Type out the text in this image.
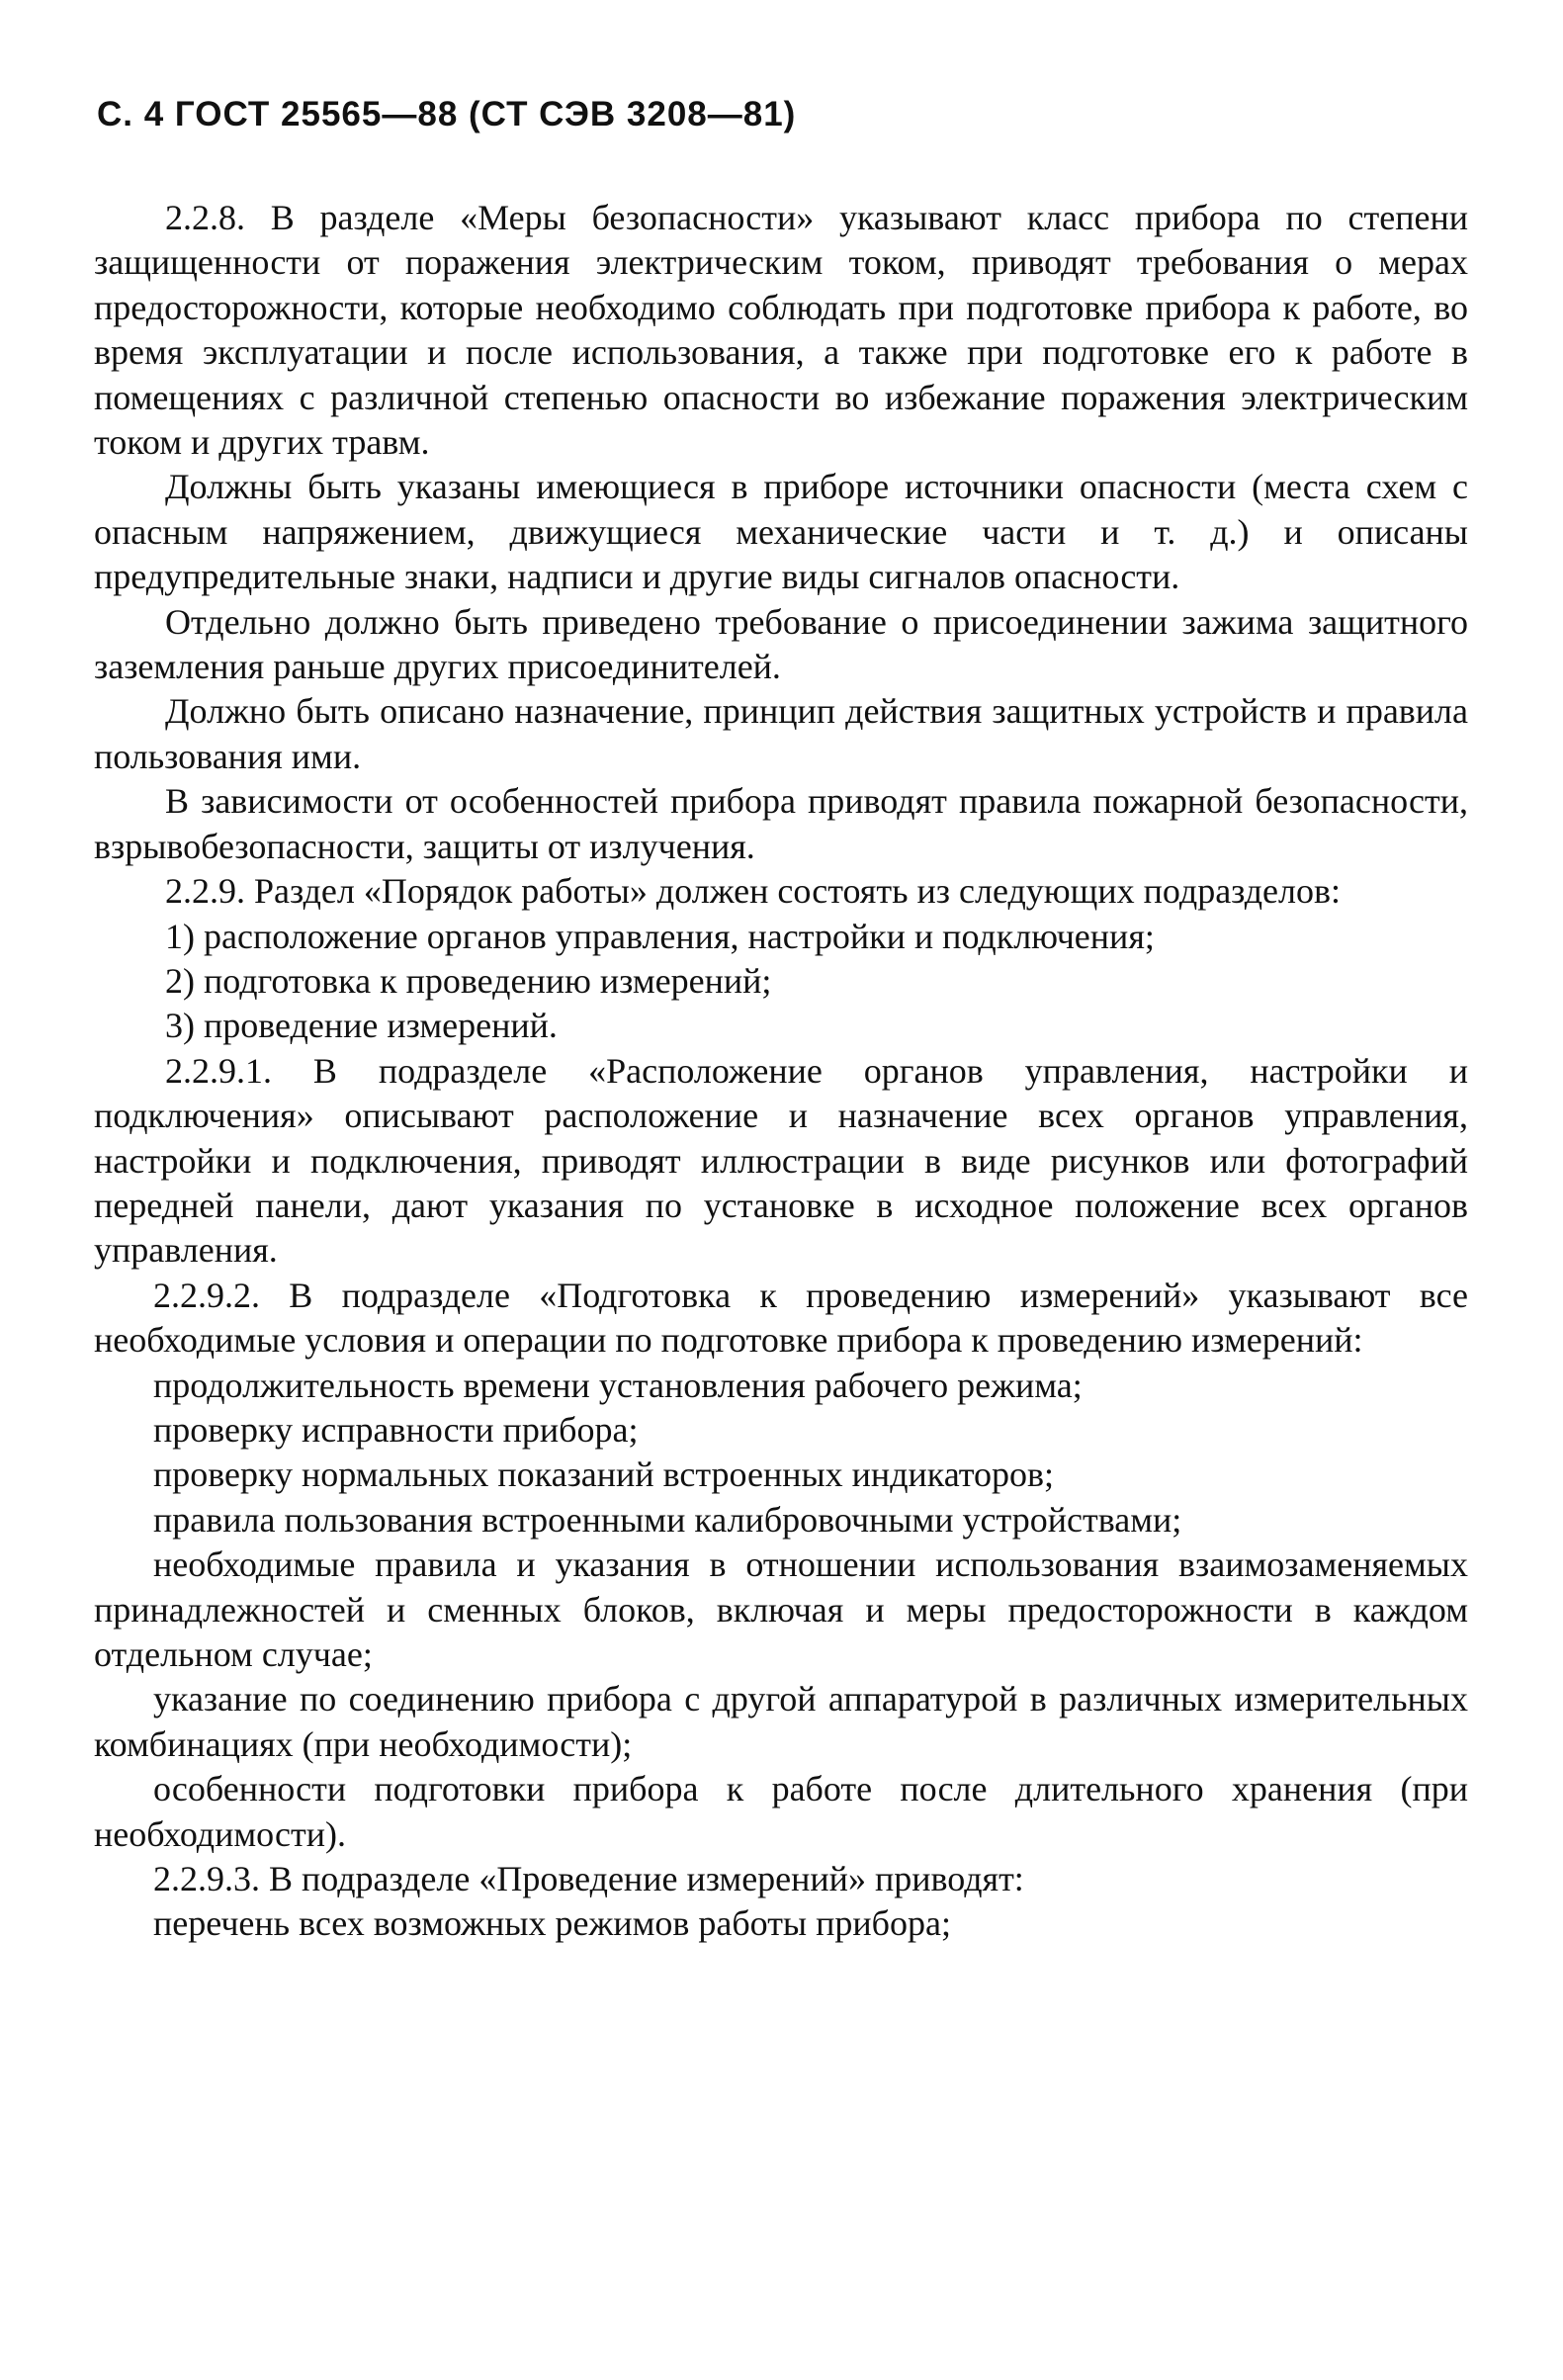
С. 4 ГОСТ 25565—88 (СТ СЭВ 3208—81)

2.2.8. В разделе «Меры безопасности» указывают класс прибора по степени защищенности от поражения электрическим током, приводят требования о мерах предосторожности, которые необходимо соблюдать при подготовке прибора к работе, во время эксплуатации и после использования, а также при подготовке его к работе в помещениях с различной степенью опасности во избежание поражения электрическим током и других травм.

Должны быть указаны имеющиеся в приборе источники опасности (места схем с опасным напряжением, движущиеся механические части и т. д.) и описаны предупредительные знаки, надписи и другие виды сигналов опасности.

Отдельно должно быть приведено требование о присоединении зажима защитного заземления раньше других присоединителей.

Должно быть описано назначение, принцип действия защитных устройств и правила пользования ими.

В зависимости от особенностей прибора приводят правила пожарной безопасности, взрывобезопасности, защиты от излучения.

2.2.9. Раздел «Порядок работы» должен состоять из следующих подразделов:

1) расположение органов управления, настройки и подключения;

2) подготовка к проведению измерений;

3) проведение измерений.

2.2.9.1. В подразделе «Расположение органов управления, настройки и подключения» описывают расположение и назначение всех органов управления, настройки и подключения, приводят иллюстрации в виде рисунков или фотографий передней панели, дают указания по установке в исходное положение всех органов управления.

2.2.9.2. В подразделе «Подготовка к проведению измерений» указывают все необходимые условия и операции по подготовке прибора к проведению измерений:

продолжительность времени установления рабочего режима;

проверку исправности прибора;

проверку нормальных показаний встроенных индикаторов;

правила пользования встроенными калибровочными устройствами;

необходимые правила и указания в отношении использования взаимозаменяемых принадлежностей и сменных блоков, включая и меры предосторожности в каждом отдельном случае;

указание по соединению прибора с другой аппаратурой в различных измерительных комбинациях (при необходимости);

особенности подготовки прибора к работе после длительного хранения (при необходимости).

2.2.9.3. В подразделе «Проведение измерений» приводят:

перечень всех возможных режимов работы прибора;
